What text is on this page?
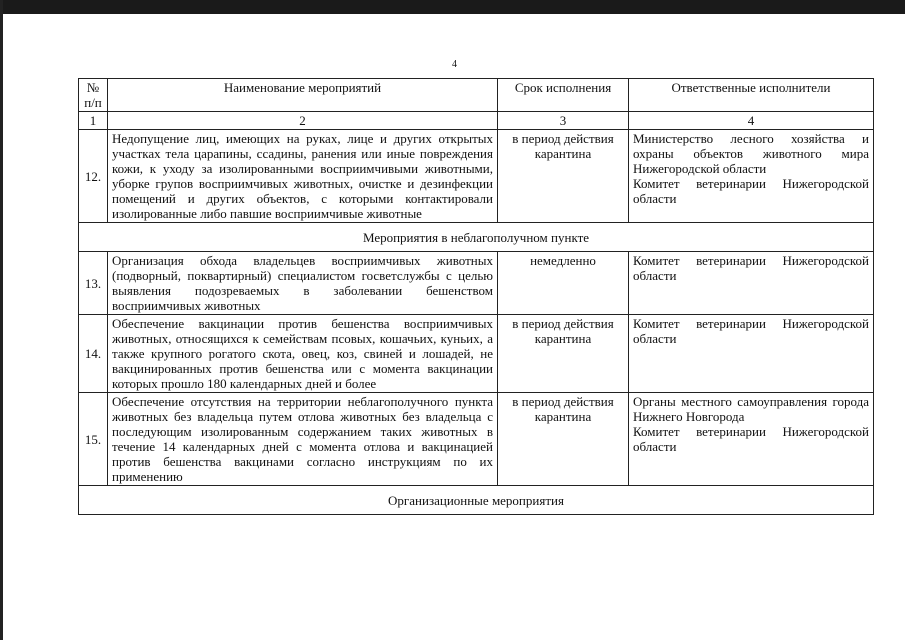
4
№ п/п	Наименование мероприятий	Срок исполнения	Ответственные исполнители
1	2	3	4
12.	Недопущение лиц, имеющих на руках, лице и других открытых участках тела царапины, ссадины, ранения или иные повреждения кожи, к уходу за изолированными восприимчивыми животными, уборке групов восприимчивых животных, очистке и дезинфекции помещений и других объектов, с которыми контактировали изолированные либо павшие восприимчивые животные	в период действия карантина	Министерство лесного хозяйства и охраны объектов животного мира Нижегородской области
Комитет ветеринарии Нижегородской области

Мероприятия в неблагополучном пункте			
13.	Организация обхода владельцев восприимчивых животных (подворный, поквартирный) специалистом госветслужбы с целью выявления подозреваемых в заболевании бешенством восприимчивых животных	немедленно	Комитет ветеринарии Нижегородской области

14.	Обеспечение вакцинации против бешенства восприимчивых животных, относящихся к семействам псовых, кошачьих, куньих, а также крупного рогатого скота, овец, коз, свиней и лошадей, не вакцинированных против бешенства или с момента вакцинации которых прошло 180 календарных дней и более	в период действия карантина	Комитет ветеринарии Нижегородской области

15.	Обеспечение отсутствия на территории неблагополучного пункта животных без владельца путем отлова животных без владельца с последующим изолированным содержанием таких животных в течение 14 календарных дней с момента отлова и вакцинацией против бешенства вакцинами согласно инструкциям по их применению	в период действия карантина	Органы местного самоуправления города Нижнего Новгорода
Комитет ветеринарии Нижегородской области

Организационные мероприятия			
